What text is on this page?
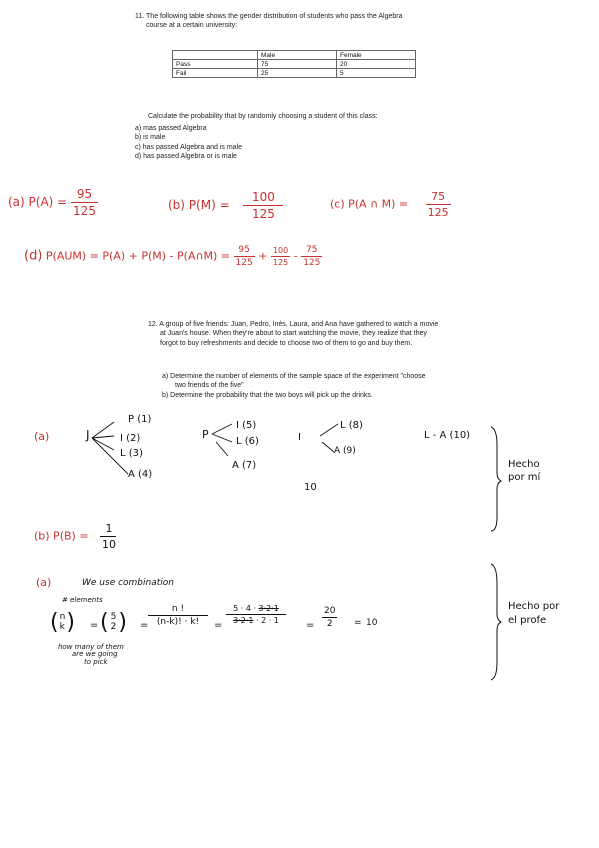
11. The following table shows the gender distribution of students who pass the Algebra
course at a certain university:
	Male	Female
Pass	75	20
Fail	25	5
Calculate the probability that by randomly choosing a student of this class:
a) mas passed Algebra
b) is male
c) has passed Algebra and is male
d) has passed Algebra or is male
(a) $P(A) = \frac{95}{125}$	(b) $P(M) = \frac{100}{125}$	(c) P(A ∩ $M) = \frac{75}{125}$
(d) P(AUM) = P(A) + P(M) - P(A∩M) = $\frac{95}{125} + \frac{100}{125} - \frac{75}{125}$
12. A group of five friends: Juan, Pedro, Inés, Laura, and Ana have gathered to watch a movie
at Juan's house. When they're about to start watching the movie, they realize that they
forgot to buy refreshments and decide to choose two of them to go and buy them.
a) Determine the number of elements of the sample space of the experiment "choose
two friends of the five"
b) Determine the probability that the two boys will pick up the drinks.
(a)	J
P (1)
I (2)
L (3)
A (4)
P
I (5)
L (6)
A (7)
I
L (8)
A (9)
L - A (10)
10
Hecho
por mí
(b) $P(B) = \frac{1}{10}$
(a)	We use combination
# elements
( n
k ) = ( 5
2 ) = $\frac{n !}{(n-k)! \cdot k!}$ =
$\frac{5 \cdot 4 \cdot 3\cdot 2\cdot 1}{3\cdot 2\cdot 1 \cdot 2 \cdot 1}$
= $\frac{20}{2} = 10$
how many of them
are we going
to pick
Hecho por
el profe
